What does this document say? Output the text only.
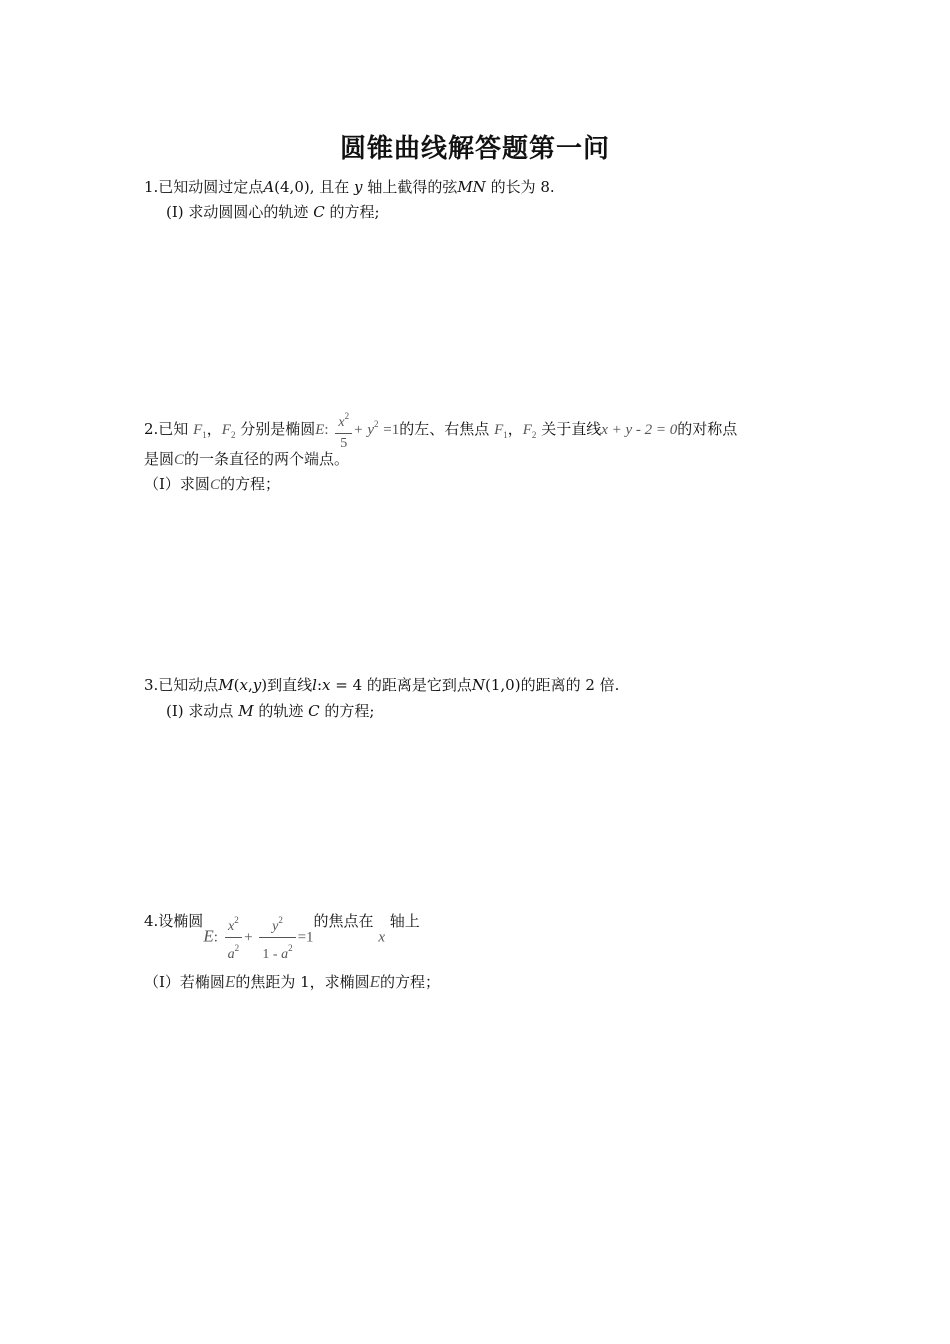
圆锥曲线解答题第一问
1.已知动圆过定点A(4,0), 且在 y 轴上截得的弦MN 的长为 8.
(Ⅰ) 求动圆圆心的轨迹 C 的方程;
2.已知 $F_1$，$F_2$ 分别是椭圆E: $\frac{x^2}{5} + y^2 =1$的左、右焦点 $F_1$，$F_2$ 关于直线x + y - 2 = 0的对称点
是圆C的一条直径的两个端点。
（Ⅰ）求圆C的方程；
3.已知动点M(x,y)到直线l:x = 4 的距离是它到点N(1,0)的距离的 2 倍.
(Ⅰ) 求动点 M 的轨迹 C 的方程;
4.设椭圆E: $\frac{x^2}{a^2} + \frac{y^2}{1 - a^2} =1$的焦点在 x 轴上
（Ⅰ）若椭圆E的焦距为 1，求椭圆E的方程；
